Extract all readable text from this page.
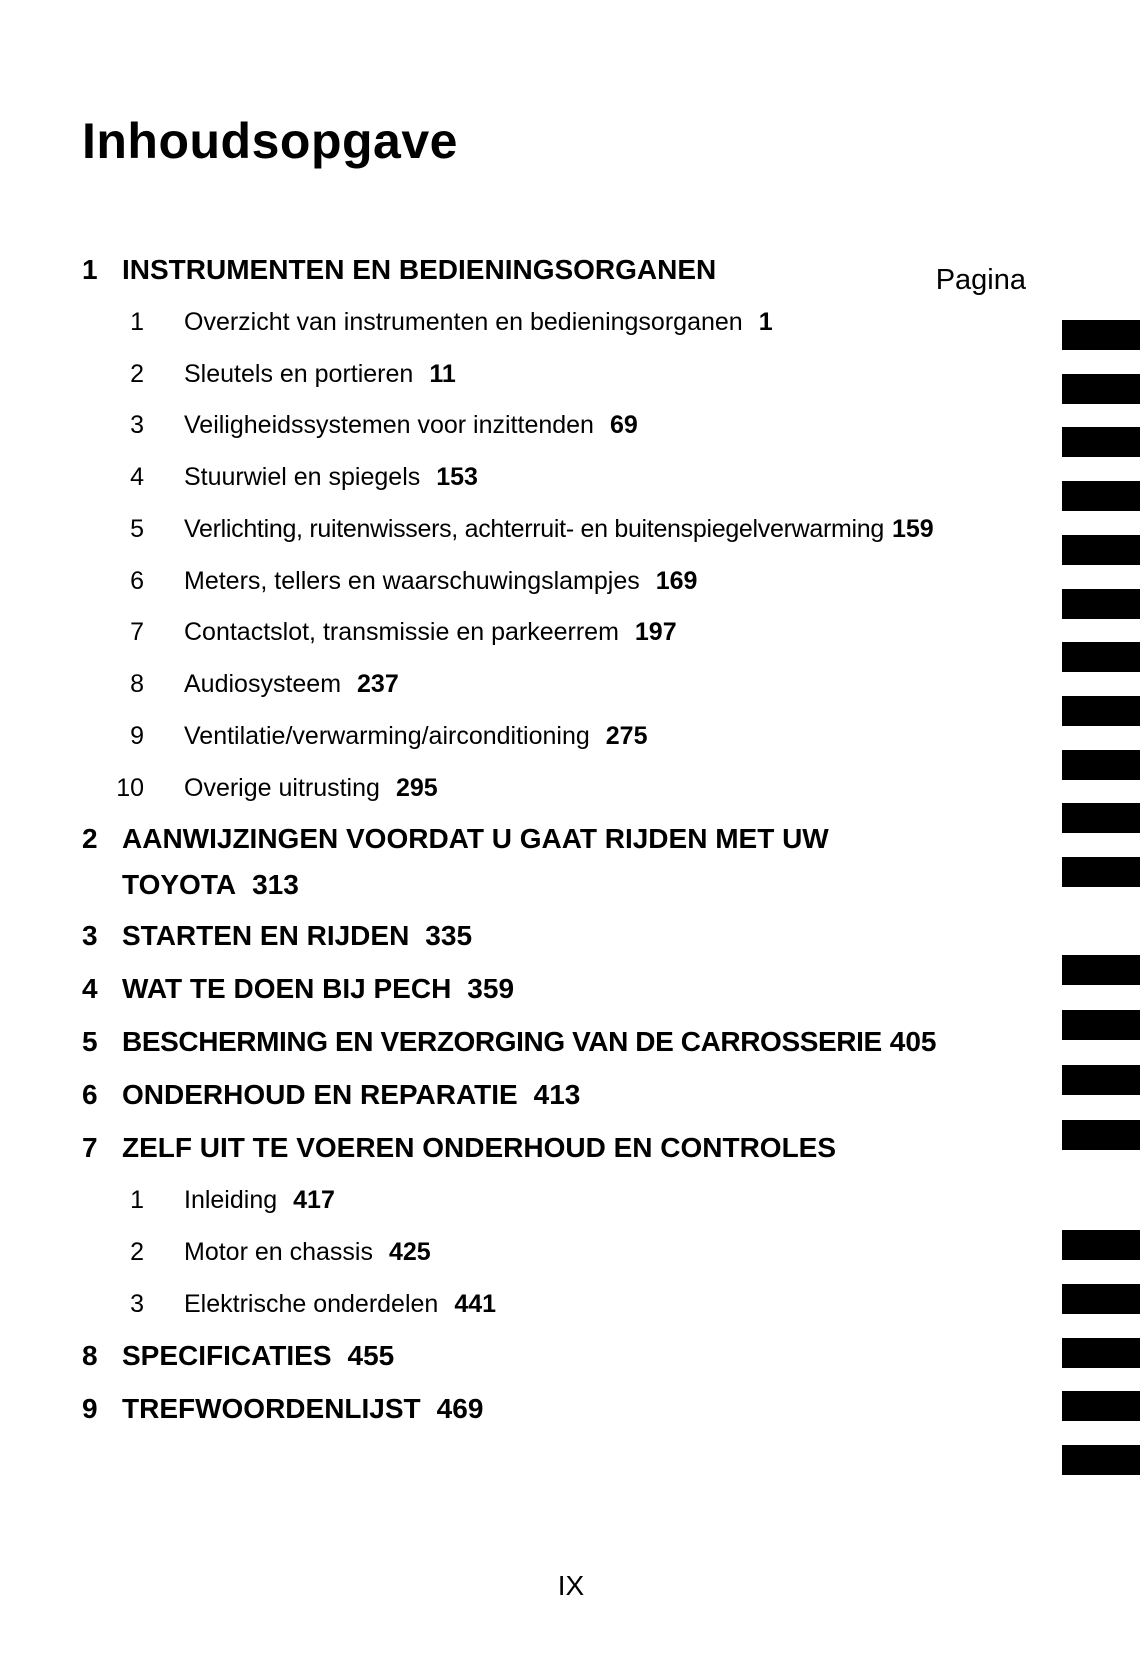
Inhoudsopgave
Pagina
1 INSTRUMENTEN EN BEDIENINGSORGANEN
1 Overzicht van instrumenten en bedieningsorganen 1
2 Sleutels en portieren 11
3 Veiligheidssystemen voor inzittenden 69
4 Stuurwiel en spiegels 153
5 Verlichting, ruitenwissers, achterruit- en buitenspiegelverwarming 159
6 Meters, tellers en waarschuwingslampjes 169
7 Contactslot, transmissie en parkeerrem 197
8 Audiosysteem 237
9 Ventilatie/verwarming/airconditioning 275
10 Overige uitrusting 295
2 AANWIJZINGEN VOORDAT U GAAT RIJDEN MET UW
TOYOTA 313
3 STARTEN EN RIJDEN 335
4 WAT TE DOEN BIJ PECH 359
5 BESCHERMING EN VERZORGING VAN DE CARROSSERIE 405
6 ONDERHOUD EN REPARATIE 413
7 ZELF UIT TE VOEREN ONDERHOUD EN CONTROLES
1 Inleiding 417
2 Motor en chassis 425
3 Elektrische onderdelen 441
8 SPECIFICATIES 455
9 TREFWOORDENLIJST 469
IX
